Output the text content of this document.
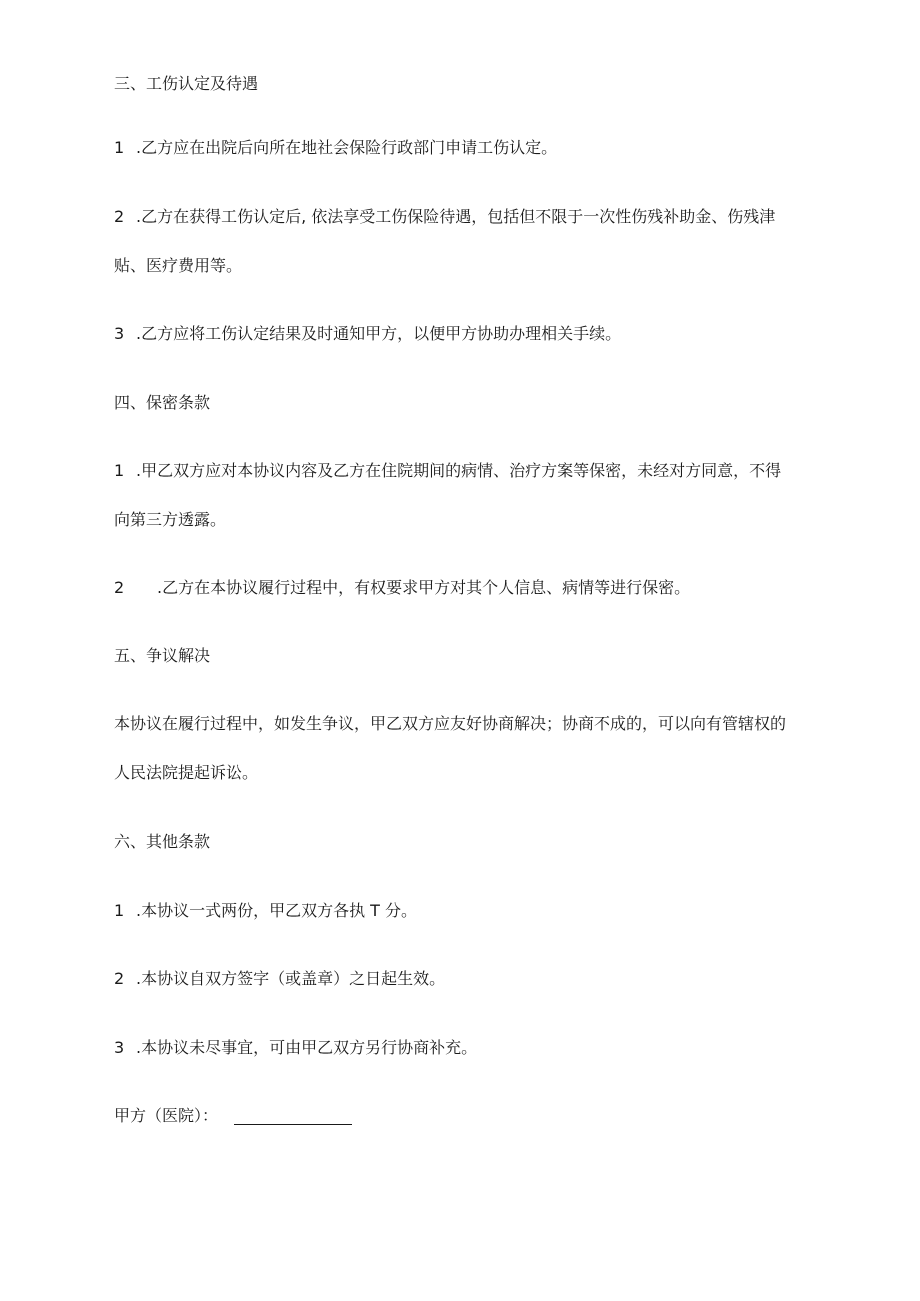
三、工伤认定及待遇
1 .乙方应在出院后向所在地社会保险行政部门申请工伤认定。
2 .乙方在获得工伤认定后, 依法享受工伤保险待遇，包括但不限于一次性伤残补助金、伤残津
贴、医疗费用等。
3 .乙方应将工伤认定结果及时通知甲方，以便甲方协助办理相关手续。
四、保密条款
1 .甲乙双方应对本协议内容及乙方在住院期间的病情、治疗方案等保密，未经对方同意，不得
向第三方透露。
2 .乙方在本协议履行过程中，有权要求甲方对其个人信息、病情等进行保密。
五、争议解决
本协议在履行过程中，如发生争议，甲乙双方应友好协商解决；协商不成的，可以向有管辖权的
人民法院提起诉讼。
六、其他条款
1 .本协议一式两份，甲乙双方各执 T 分。
2 .本协议自双方签字（或盖章）之日起生效。
3 .本协议未尽事宜，可由甲乙双方另行协商补充。
甲方（医院）：
